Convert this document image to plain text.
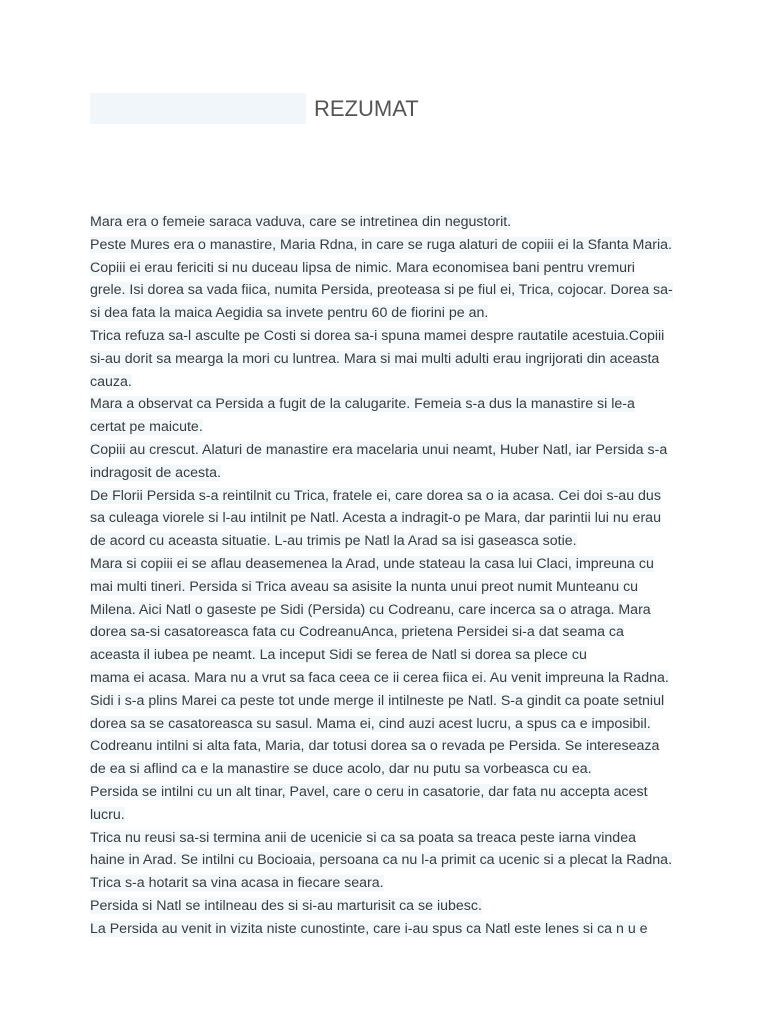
REZUMAT
Mara era o femeie saraca vaduva, care se intretinea din negustorit.
Peste Mures era o manastire, Maria Rdna, in care se ruga alaturi de copiii ei la Sfanta Maria.
Copiii ei erau fericiti si nu duceau lipsa de nimic. Mara economisea bani pentru vremuri
grele. Isi dorea sa vada fiica, numita Persida, preoteasa si pe fiul ei, Trica, cojocar. Dorea sa-
si dea fata la maica Aegidia sa invete pentru 60 de fiorini pe an.
Trica refuza sa-l asculte pe Costi si dorea sa-i spuna mamei despre rautatile acestuia.Copiii
si-au dorit sa mearga la mori cu luntrea. Mara si mai multi adulti erau ingrijorati din aceasta
cauza.
Mara a observat ca Persida a fugit de la calugarite. Femeia s-a dus la manastire si le-a
certat pe maicute.
Copiii au crescut. Alaturi de manastire era macelaria unui neamt, Huber Natl, iar Persida s-a
indragosit de acesta.
De Florii Persida s-a reintilnit cu Trica, fratele ei, care dorea sa o ia acasa. Cei doi s-au dus
sa culeaga viorele si l-au intilnit pe Natl. Acesta a indragit-o pe Mara, dar parintii lui nu erau
de acord cu aceasta situatie. L-au trimis pe Natl la Arad sa isi gaseasca sotie.
Mara si copiii ei se aflau deasemenea la Arad, unde stateau la casa lui Claci, impreuna cu
mai multi tineri. Persida si Trica aveau sa asisite la nunta unui preot numit Munteanu cu
Milena. Aici Natl o gaseste pe Sidi (Persida) cu Codreanu, care incerca sa o atraga. Mara
dorea sa-si casatoreasca fata cu CodreanuAnca, prietena Persidei si-a dat seama ca
aceasta il iubea pe neamt. La inceput Sidi se ferea de Natl si dorea sa plece cu
mama ei acasa. Mara nu a vrut sa faca ceea ce ii cerea fiica ei. Au venit impreuna la Radna.
Sidi i s-a plins Marei ca peste tot unde merge il intilneste pe Natl. S-a gindit ca poate setniul
dorea sa se casatoreasca su sasul. Mama ei, cind auzi acest lucru, a spus ca e imposibil.
Codreanu intilni si alta fata, Maria, dar totusi dorea sa o revada pe Persida. Se intereseaza
de ea si aflind ca e la manastire se duce acolo, dar nu putu sa vorbeasca cu ea.
Persida se intilni cu un alt tinar, Pavel, care o ceru in casatorie, dar fata nu accepta acest
lucru.
Trica nu reusi sa-si termina anii de ucenicie si ca sa poata sa treaca peste iarna vindea
haine in Arad. Se intilni cu Bocioaia, persoana ca nu l-a primit ca ucenic si a plecat la Radna.
Trica s-a hotarit sa vina acasa in fiecare seara.
Persida si Natl se intilneau des si si-au marturisit ca se iubesc.
La Persida au venit in vizita niste cunostinte, care i-au spus ca Natl este lenes si ca n u e
